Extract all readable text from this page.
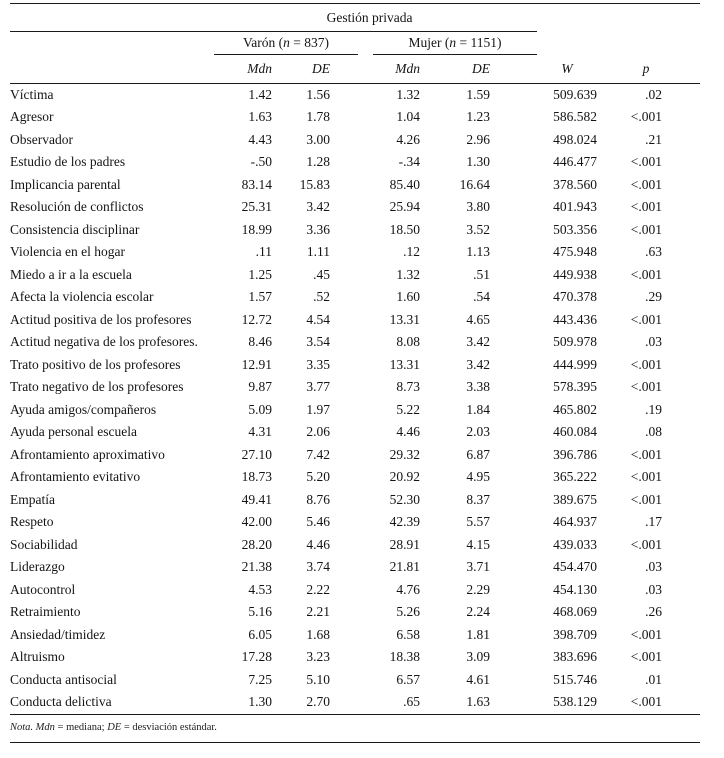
Gestión privada						

	Varón (n = 837)		Mujer (n = 1151)			

	Mdn	DE	Mdn	DE	W	p
Víctima	1.42	1.56	1.32	1.59	509.639	.02
Agresor	1.63	1.78	1.04	1.23	586.582	<.001
Observador	4.43	3.00	4.26	2.96	498.024	.21
Estudio de los padres	-.50	1.28	-.34	1.30	446.477	<.001
Implicancia parental	83.14	15.83	85.40	16.64	378.560	<.001
Resolución de conflictos	25.31	3.42	25.94	3.80	401.943	<.001
Consistencia disciplinar	18.99	3.36	18.50	3.52	503.356	<.001
Violencia en el hogar	.11	1.11	.12	1.13	475.948	.63
Miedo a ir a la escuela	1.25	.45	1.32	.51	449.938	<.001
Afecta la violencia escolar	1.57	.52	1.60	.54	470.378	.29
Actitud positiva de los profesores	12.72	4.54	13.31	4.65	443.436	<.001
Actitud negativa de los profesores.	8.46	3.54	8.08	3.42	509.978	.03
Trato positivo de los profesores	12.91	3.35	13.31	3.42	444.999	<.001
Trato negativo de los profesores	9.87	3.77	8.73	3.38	578.395	<.001
Ayuda amigos/compañeros	5.09	1.97	5.22	1.84	465.802	.19
Ayuda personal escuela	4.31	2.06	4.46	2.03	460.084	.08
Afrontamiento aproximativo	27.10	7.42	29.32	6.87	396.786	<.001
Afrontamiento evitativo	18.73	5.20	20.92	4.95	365.222	<.001
Empatía	49.41	8.76	52.30	8.37	389.675	<.001
Respeto	42.00	5.46	42.39	5.57	464.937	.17
Sociabilidad	28.20	4.46	28.91	4.15	439.033	<.001
Liderazgo	21.38	3.74	21.81	3.71	454.470	.03
Autocontrol	4.53	2.22	4.76	2.29	454.130	.03
Retraimiento	5.16	2.21	5.26	2.24	468.069	.26
Ansiedad/timidez	6.05	1.68	6.58	1.81	398.709	<.001
Altruismo	17.28	3.23	18.38	3.09	383.696	<.001
Conducta antisocial	7.25	5.10	6.57	4.61	515.746	.01
Conducta delictiva	1.30	2.70	.65	1.63	538.129	<.001
Nota. Mdn = mediana; DE = desviación estándar.
